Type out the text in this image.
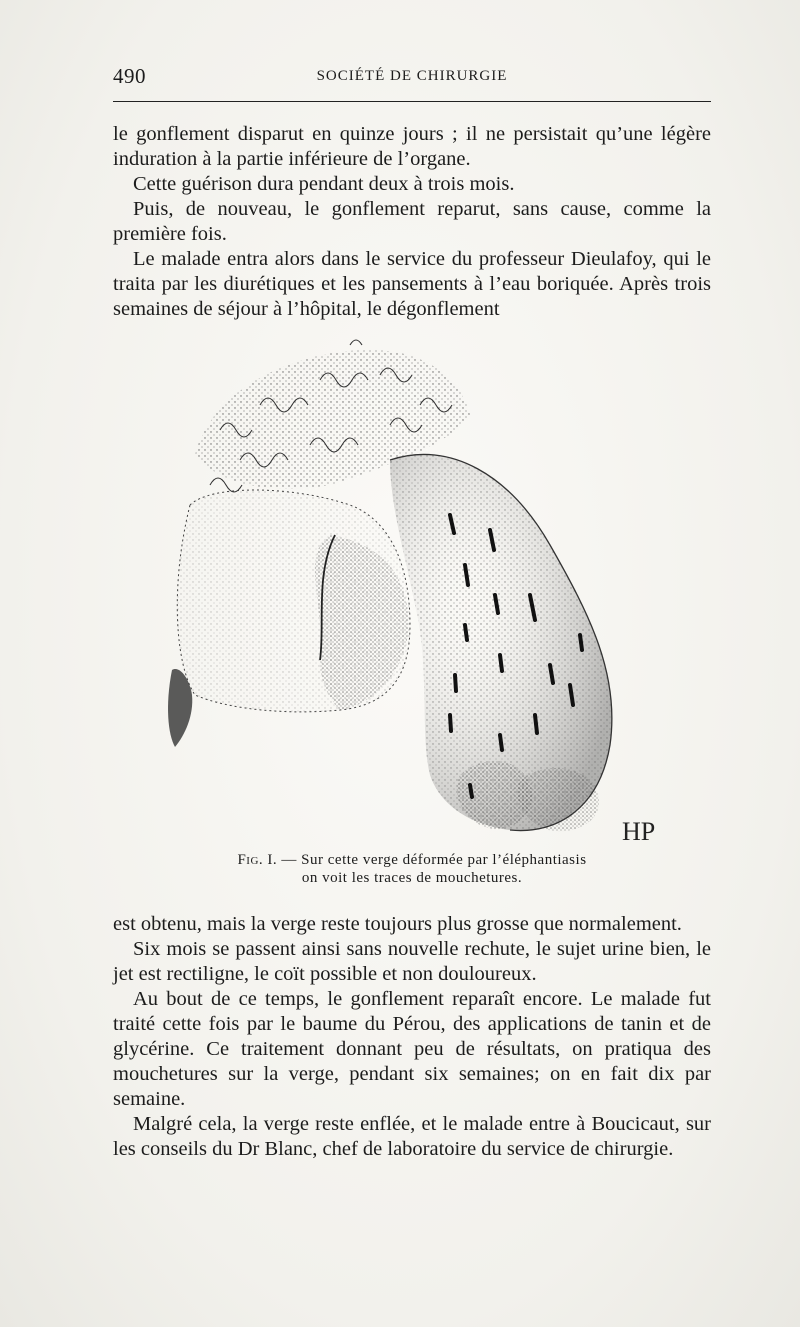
490	SOCIÉTÉ DE CHIRURGIE

le gonflement disparut en quinze jours ; il ne persistait qu’une légère induration à la partie inférieure de l’organe.

Cette guérison dura pendant deux à trois mois.

Puis, de nouveau, le gonflement reparut, sans cause, comme la première fois.

Le malade entra alors dans le service du professeur Dieulafoy, qui le traita par les diurétiques et les pansements à l’eau boriquée. Après trois semaines de séjour à l’hôpital, le dégonflement

HP
Fig. I. — Sur cette verge déformée par l’éléphantiasis
on voit les traces de mouchetures.

est obtenu, mais la verge reste toujours plus grosse que normalement.

Six mois se passent ainsi sans nouvelle rechute, le sujet urine bien, le jet est rectiligne, le coït possible et non douloureux.

Au bout de ce temps, le gonflement reparaît encore. Le malade fut traité cette fois par le baume du Pérou, des applications de tanin et de glycérine. Ce traitement donnant peu de résultats, on pratiqua des mouchetures sur la verge, pendant six semaines; on en fait dix par semaine.

Malgré cela, la verge reste enflée, et le malade entre à Boucicaut, sur les conseils du Dr Blanc, chef de laboratoire du service de chirurgie.
